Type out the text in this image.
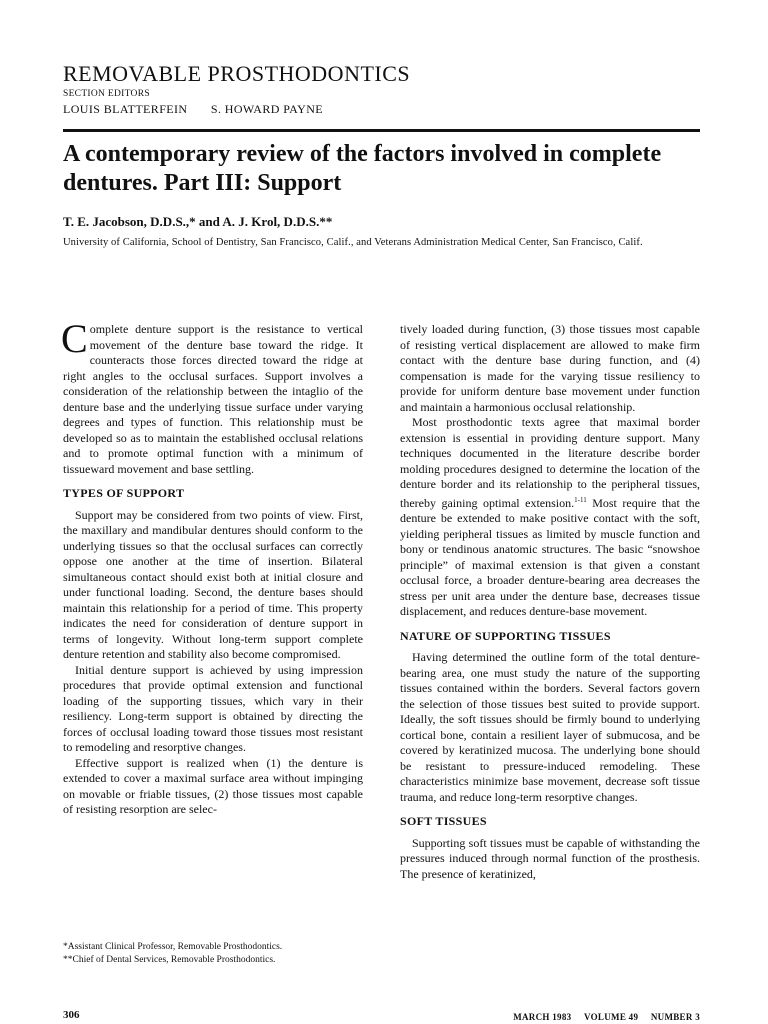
REMOVABLE PROSTHODONTICS
SECTION EDITORS
LOUIS BLATTERFEIN S. HOWARD PAYNE
A contemporary review of the factors involved in complete dentures. Part III: Support
T. E. Jacobson, D.D.S.,* and A. J. Krol, D.D.S.**
University of California, School of Dentistry, San Francisco, Calif., and Veterans Administration Medical Center, San Francisco, Calif.

Complete denture support is the resistance to vertical movement of the denture base toward the ridge. It counteracts those forces directed toward the ridge at right angles to the occlusal surfaces. Support involves a consideration of the relationship between the intaglio of the denture base and the underlying tissue surface under varying degrees and types of function. This relationship must be developed so as to maintain the established occlusal relations and to promote optimal function with a minimum of tissueward movement and base settling.

TYPES OF SUPPORT

Support may be considered from two points of view. First, the maxillary and mandibular dentures should conform to the underlying tissues so that the occlusal surfaces can correctly oppose one another at the time of insertion. Bilateral simultaneous contact should exist both at initial closure and under functional loading. Second, the denture bases should maintain this relationship for a period of time. This property indicates the need for consideration of denture support in terms of longevity. Without long-term support complete denture retention and stability also become compromised.

Initial denture support is achieved by using impression procedures that provide optimal extension and functional loading of the supporting tissues, which vary in their resiliency. Long-term support is obtained by directing the forces of occlusal loading toward those tissues most resistant to remodeling and resorptive changes.

Effective support is realized when (1) the denture is extended to cover a maximal surface area without impinging on movable or friable tissues, (2) those tissues most capable of resisting resorption are selec-

tively loaded during function, (3) those tissues most capable of resisting vertical displacement are allowed to make firm contact with the denture base during function, and (4) compensation is made for the varying tissue resiliency to provide for uniform denture base movement under function and maintain a harmonious occlusal relationship.

Most prosthodontic texts agree that maximal border extension is essential in providing denture support. Many techniques documented in the literature describe border molding procedures designed to determine the location of the denture border and its relationship to the peripheral tissues, thereby gaining optimal extension.$^{1-11}$ Most require that the denture be extended to make positive contact with the soft, yielding peripheral tissues as limited by muscle function and bony or tendinous anatomic structures. The basic “snowshoe principle” of maximal extension is that given a constant occlusal force, a broader denture-bearing area decreases the stress per unit area under the denture base, decreases tissue displacement, and reduces denture-base movement.

NATURE OF SUPPORTING TISSUES

Having determined the outline form of the total denture-bearing area, one must study the nature of the supporting tissues contained within the borders. Several factors govern the selection of those tissues best suited to provide support. Ideally, the soft tissues should be firmly bound to underlying cortical bone, contain a resilient layer of submucosa, and be covered by keratinized mucosa. The underlying bone should be resistant to pressure-induced remodeling. These characteristics minimize base movement, decrease soft tissue trauma, and reduce long-term resorptive changes.

SOFT TISSUES

Supporting soft tissues must be capable of withstanding the pressures induced through normal function of the prosthesis. The presence of keratinized,

*Assistant Clinical Professor, Removable Prosthodontics.
**Chief of Dental Services, Removable Prosthodontics.
306	MARCH 1983 VOLUME 49 NUMBER 3
